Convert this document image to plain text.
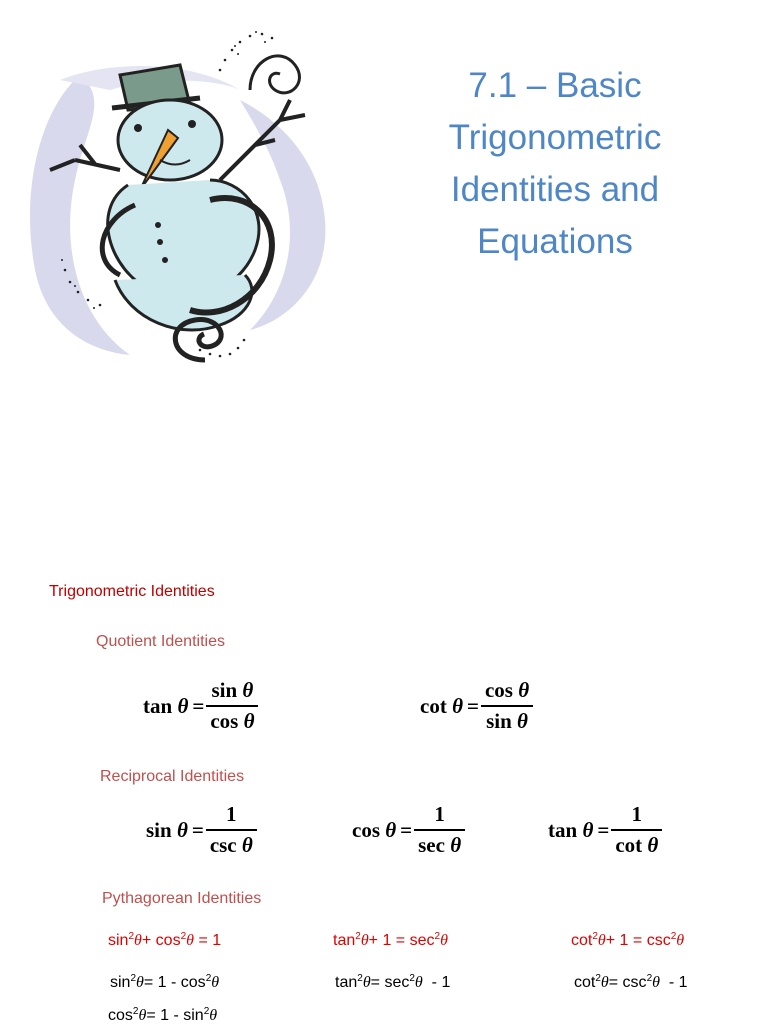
7.1 – Basic
Trigonometric
Identities and
Equations
Trigonometric Identities
Quotient Identities
$\tan \theta = \frac{\text{sin θ}}{\text{cos θ}}$	$\cot \theta = \frac{\text{cos θ}}{\text{sin θ}}$
Reciprocal Identities
$\sin \theta = \frac{1}{\text{csc θ}}$	$\cos \theta = \frac{1}{\text{sec θ}}$	$\tan \theta = \frac{1}{\text{cot θ}}$
Pythagorean Identities
$\sin^2\theta+ \cos^2\theta = 1$	$\tan^2\theta+ 1 = \sec^2\theta$	$\cot^2\theta+ 1 = \csc^2\theta$
$\sin^2\theta= 1 - \cos^2\theta$	$\tan^2\theta= \sec^2\theta - 1$	$\cot^2\theta= \csc^2\theta - 1$
$\cos^2\theta= 1 - \sin^2\theta$
